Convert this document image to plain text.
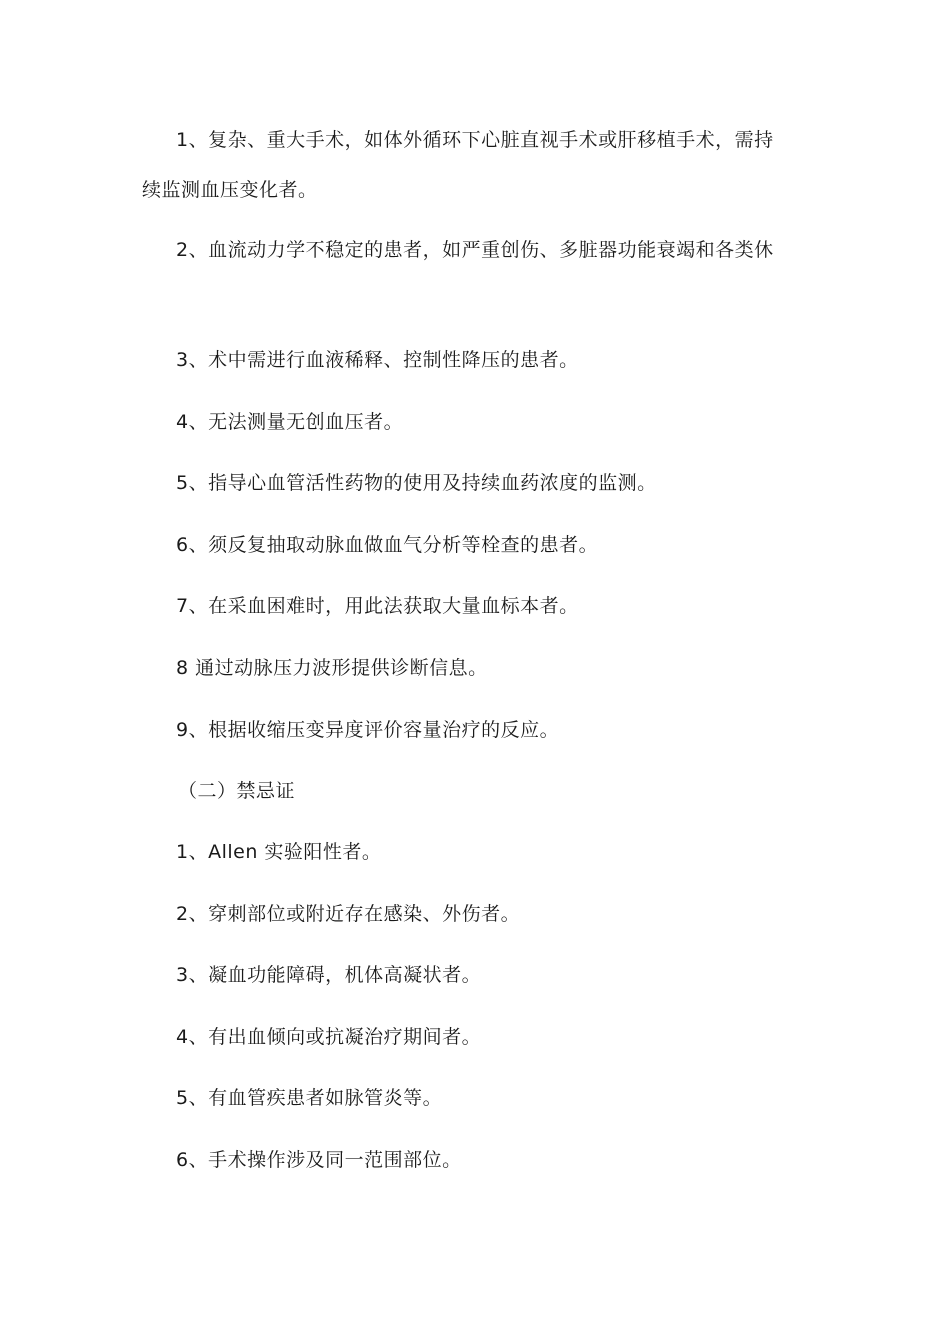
1、复杂、重大手术，如体外循环下心脏直视手术或肝移植手术，需持
续监测血压变化者。
2、血流动力学不稳定的患者，如严重创伤、多脏器功能衰竭和各类休
3、术中需进行血液稀释、控制性降压的患者。
4、无法测量无创血压者。
5、指导心血管活性药物的使用及持续血药浓度的监测。
6、须反复抽取动脉血做血气分析等栓查的患者。
7、在采血困难时，用此法获取大量血标本者。
8 通过动脉压力波形提供诊断信息。
9、根据收缩压变异度评价容量治疗的反应。
（二）禁忌证
1、Allen 实验阳性者。
2、穿刺部位或附近存在感染、外伤者。
3、凝血功能障碍，机体高凝状者。
4、有出血倾向或抗凝治疗期间者。
5、有血管疾患者如脉管炎等。
6、手术操作涉及同一范围部位。
